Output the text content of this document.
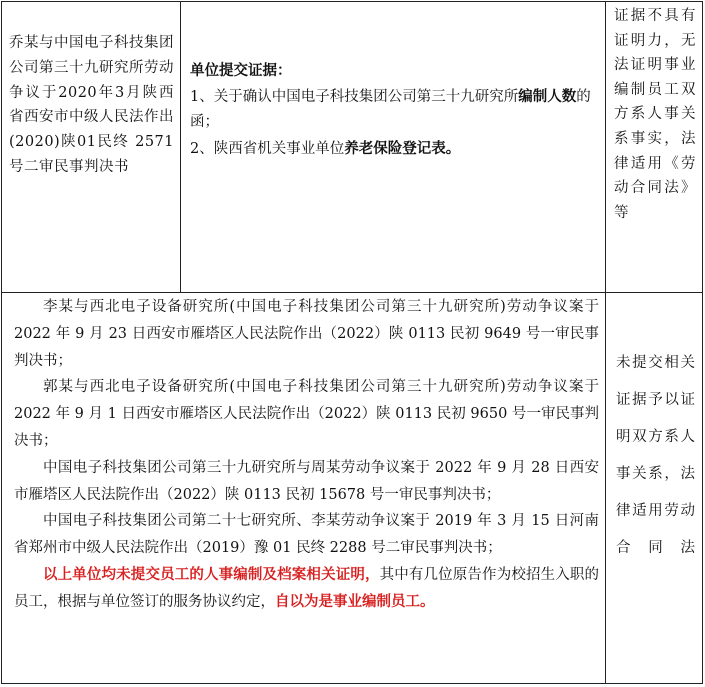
乔某与中国电子科技集团公司第三十九研究所劳动争议于2020年3月陕西省西安市中级人民法作出(2020)陕01民终 2571 号二审民事判决书	单位提交证据：
1、关于确认中国电子科技集团公司第三十九研究所编制人数的函；
2、陕西省机关事业单位养老保险登记表。	证据不具有证明力，无法证明事业编制员工双方系人事关系事实，法律适用《劳动合同法》等

李某与西北电子设备研究所(中国电子科技集团公司第三十九研究所)劳动争议案于 2022 年 9 月 23 日西安市雁塔区人民法院作出（2022）陕 0113 民初 9649 号一审民事判决书；

郭某与西北电子设备研究所(中国电子科技集团公司第三十九研究所)劳动争议案于 2022 年 9 月 1 日西安市雁塔区人民法院作出（2022）陕 0113 民初 9650 号一审民事判决书；

中国电子科技集团公司第三十九研究所与周某劳动争议案于 2022 年 9 月 28 日西安市雁塔区人民法院作出（2022）陕 0113 民初 15678 号一审民事判决书；

中国电子科技集团公司第二十七研究所、李某劳动争议案于 2019 年 3 月 15 日河南省郑州市中级人民法院作出（2019）豫 01 民终 2288 号二审民事判决书；

以上单位均未提交员工的人事编制及档案相关证明，其中有几位原告作为校招生入职的员工，根据与单位签订的服务协议约定，自以为是事业编制员工。		未提交相关证据予以证明双方系人事关系，法律适用劳动合同法
